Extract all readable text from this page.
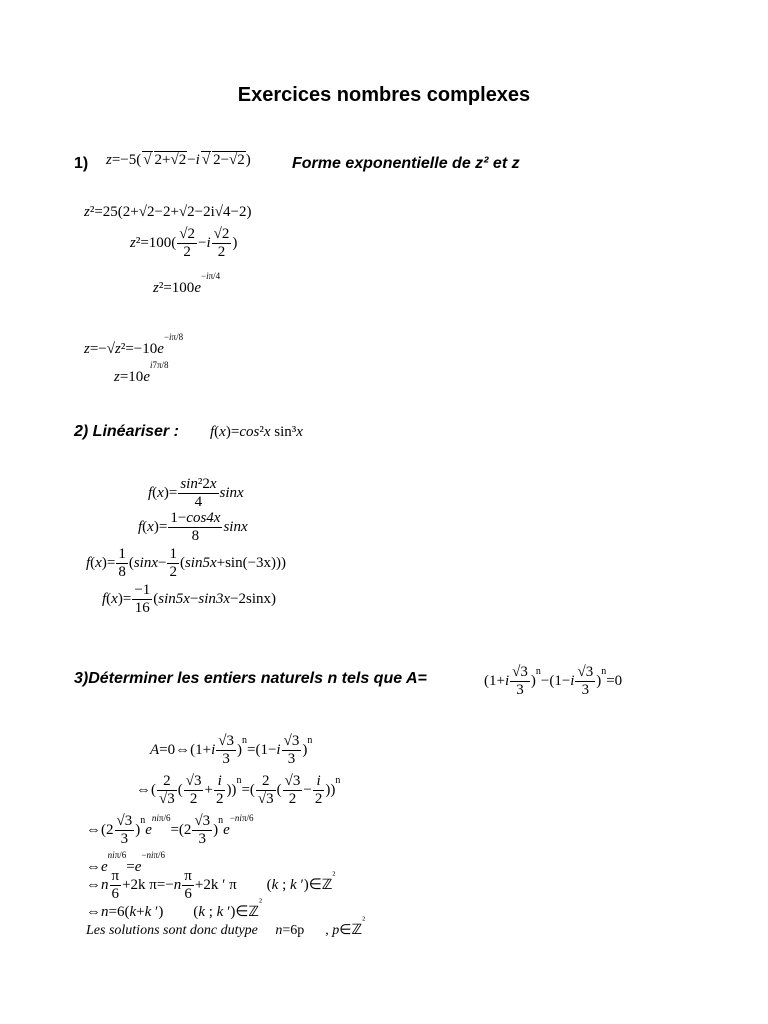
Exercices nombres complexes
1) z=−5( √ 2+√2−i √ 2−√2)	Forme exponentielle de z² et z
z²=25(2+√2−2+√2−2i√4−2)
$z^2=100( \frac{√2}{2} -i \frac{√2}{2}$ )
z²=100e−iπ/4
z=−√z²=−10e−iπ/8
z=10ei7π/8
2) Linéariser : f(x)=cos²x sin³x
$f(x)= \frac{\text{sin²2x}}{4}$ sinx
$f(x)= \frac{1-\cos 4x}{8}$ sinx
$f(x)= \frac{1}{8} (\sin x- \frac{1}{2} (\sin 5x+\sin(-3x)))$
$f(x)= \frac{-1}{16} (\sin 5x-\sin 3x-2\sin x)$
3)Déterminer les entiers naturels n tels que A=	$(1+i \frac{√3}{3} )^n-(1-i \frac{√3}{3} )^n=0$
A=0⇔(1+i $\frac{√3}{3} )^n=(1-i \frac{√3}{3} )^n$
⇔( $\frac{2}{√3}$ ( $\frac{√3}{2} + \frac{i}{2} ))^n=( \frac{2}{√3}$ ( $\frac{√3}{2} - \frac{i}{2} ))^n$
⇔(2 $\frac{√3}{3} )^neni\pi/6=(2 \frac{√3}{3} )^ne-ni\pi/6$
⇔eniπ/6=e−niπ/6
⇔n $\frac{\pi}{6} +2k$ $\pi=-n \frac{\pi}{6} +2k$ ′ π        (k ; k ′)∈ℤ$^{^2}$
⇔n=6(k+k ′)        (k ; k ′)∈ℤ$^{^2}$
Les solutions sont donc dutype n=6p      , p∈ℤ$^{^2}$
